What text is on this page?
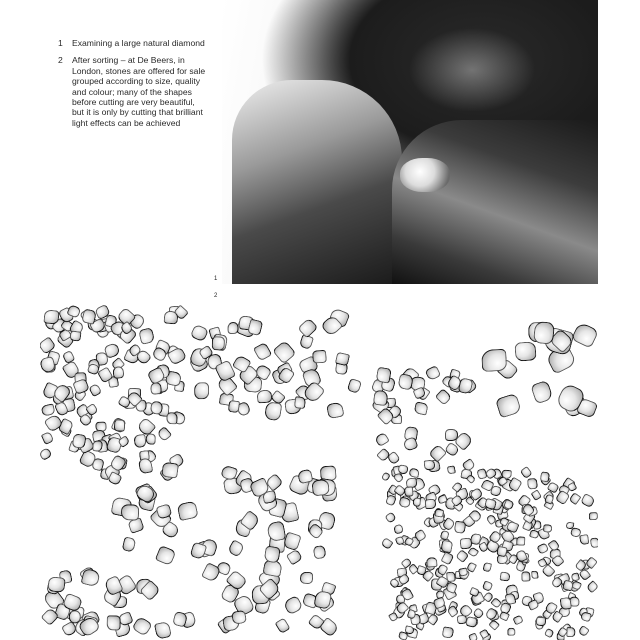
1	Examining a large natural diamond
2	After sorting – at De Beers, in London, stones are offered for sale grouped according to size, quality and colour; many of the shapes before cutting are very beautiful, but it is only by cutting that brilliant light effects can be achieved
1
2
